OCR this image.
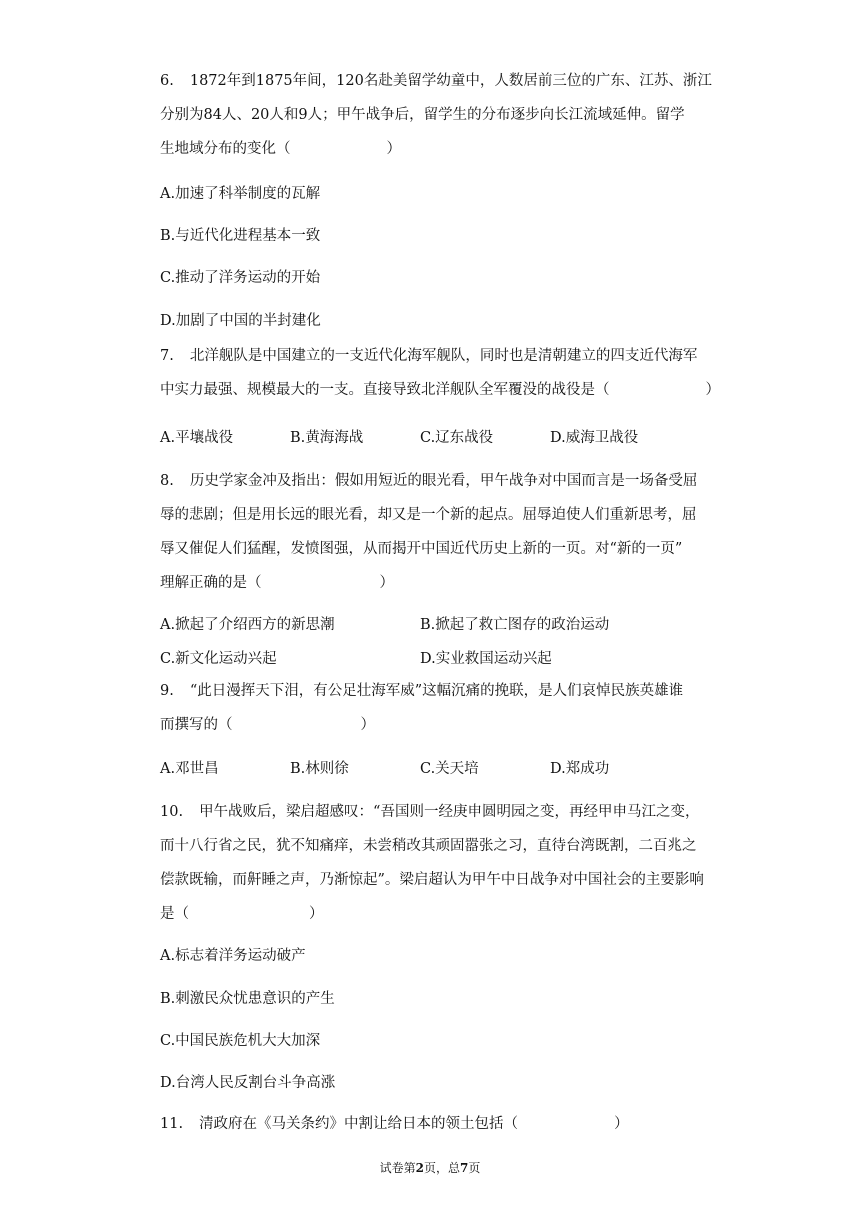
6. 1872年到1875年间，120名赴美留学幼童中，人数居前三位的广东、江苏、浙江
分别为84人、20人和9人；甲午战争后，留学生的分布逐步向长江流域延伸。留学
生地域分布的变化（	）

A.加速了科举制度的瓦解
B.与近代化进程基本一致
C.推动了洋务运动的开始
D.加剧了中国的半封建化

7. 北洋舰队是中国建立的一支近代化海军舰队，同时也是清朝建立的四支近代海军
中实力最强、规模最大的一支。直接导致北洋舰队全军覆没的战役是（	）

A.平壤战役	B.黄海海战	C.辽东战役	D.威海卫战役

8. 历史学家金冲及指出：假如用短近的眼光看，甲午战争对中国而言是一场备受屈
辱的悲剧；但是用长远的眼光看，却又是一个新的起点。屈辱迫使人们重新思考，屈
辱又催促人们猛醒，发愤图强，从而揭开中国近代历史上新的一页。对“新的一页”
理解正确的是（	）

A.掀起了介绍西方的新思潮	B.掀起了救亡图存的政治运动
C.新文化运动兴起	D.实业救国运动兴起

9. “此日漫挥天下泪，有公足壮海军威”这幅沉痛的挽联，是人们哀悼民族英雄谁
而撰写的（	）

A.邓世昌	B.林则徐	C.关天培	D.郑成功

10. 甲午战败后，梁启超感叹：“吾国则一经庚申圆明园之变，再经甲申马江之变，
而十八行省之民，犹不知痛痒，未尝稍改其顽固嚣张之习，直待台湾既割，二百兆之
偿款既输，而鼾睡之声，乃渐惊起”。梁启超认为甲午中日战争对中国社会的主要影响
是（	）

A.标志着洋务运动破产
B.刺激民众忧患意识的产生
C.中国民族危机大大加深
D.台湾人民反割台斗争高涨

11. 清政府在《马关条约》中割让给日本的领土包括（	）

试卷第2页，总7页
